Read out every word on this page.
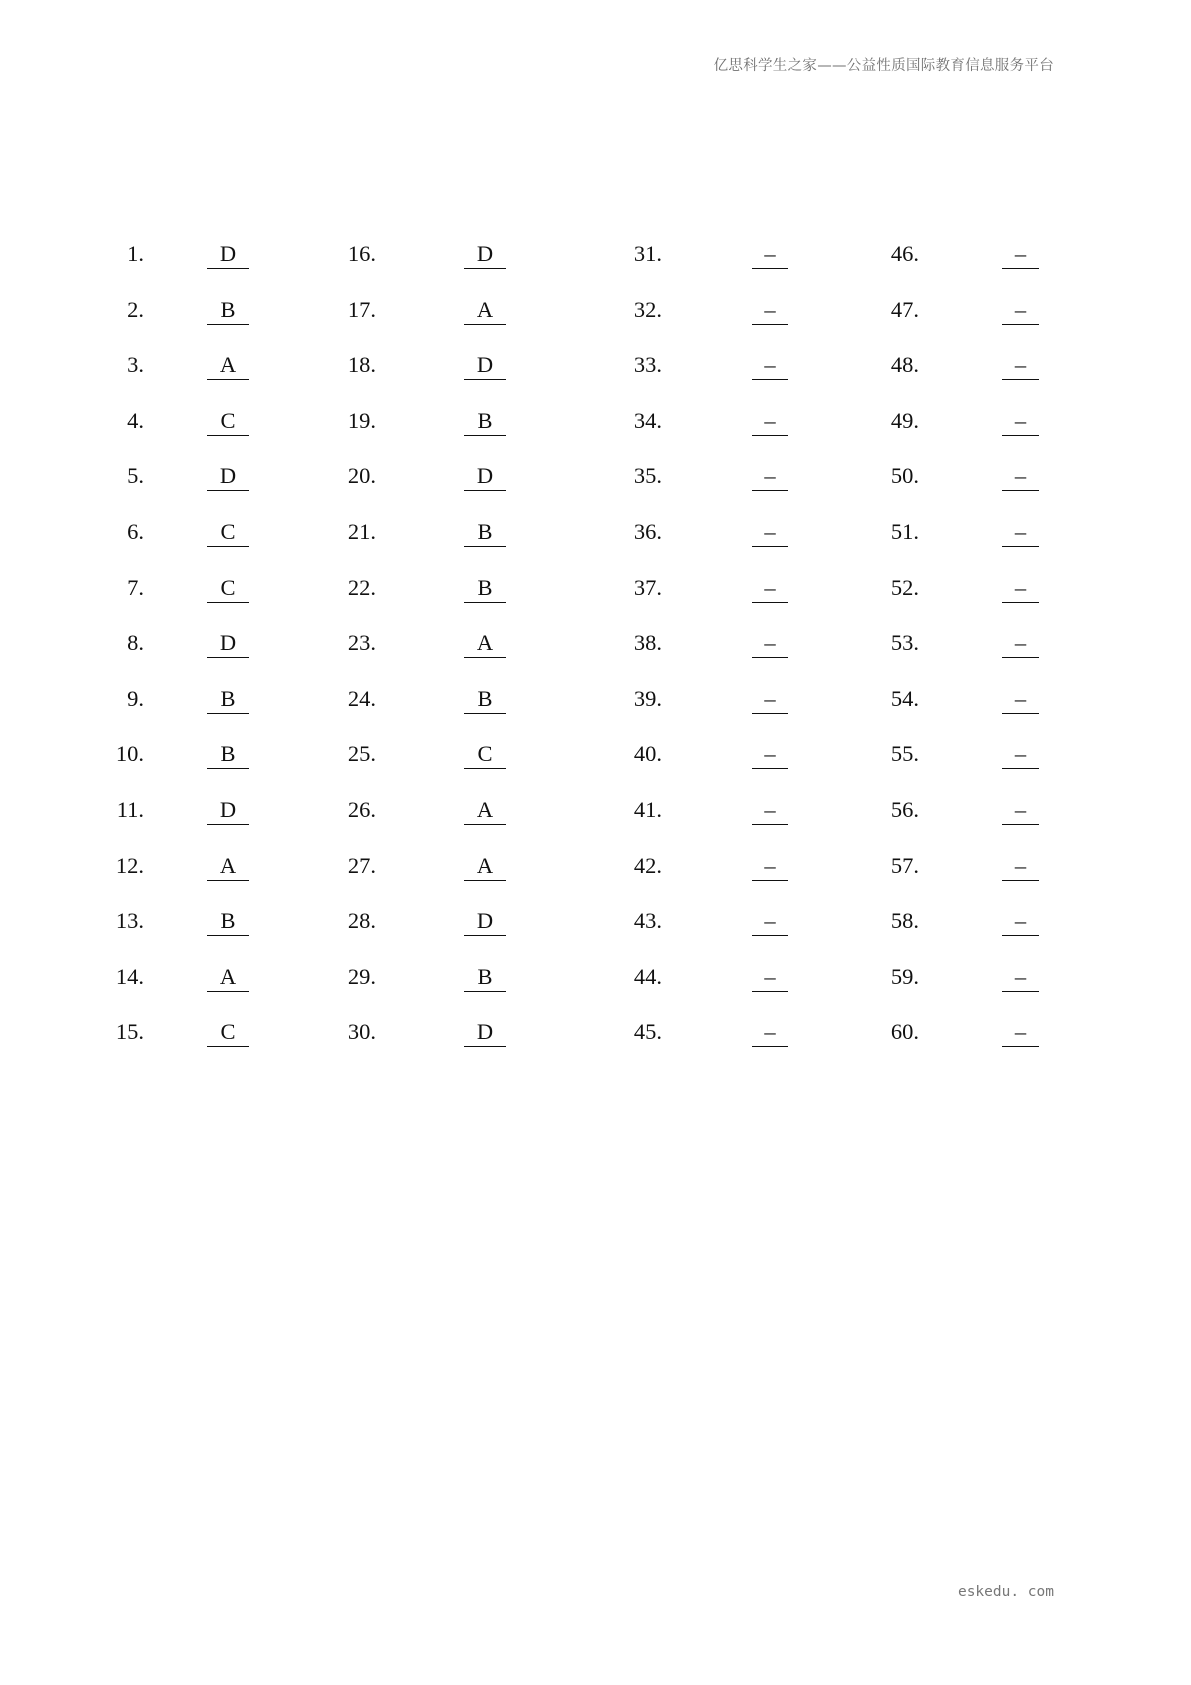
亿思科学生之家——公益性质国际教育信息服务平台
1.	D
2.	B
3.	A
4.	C
5.	D
6.	C
7.	C
8.	D
9.	B
10.	B
11.	D
12.	A
13.	B
14.	A
15.	C
16.	D
17.	A
18.	D
19.	B
20.	D
21.	B
22.	B
23.	A
24.	B
25.	C
26.	A
27.	A
28.	D
29.	B
30.	D
31.	–
32.	–
33.	–
34.	–
35.	–
36.	–
37.	–
38.	–
39.	–
40.	–
41.	–
42.	–
43.	–
44.	–
45.	–
46.	–
47.	–
48.	–
49.	–
50.	–
51.	–
52.	–
53.	–
54.	–
55.	–
56.	–
57.	–
58.	–
59.	–
60.	–
eskedu. com
